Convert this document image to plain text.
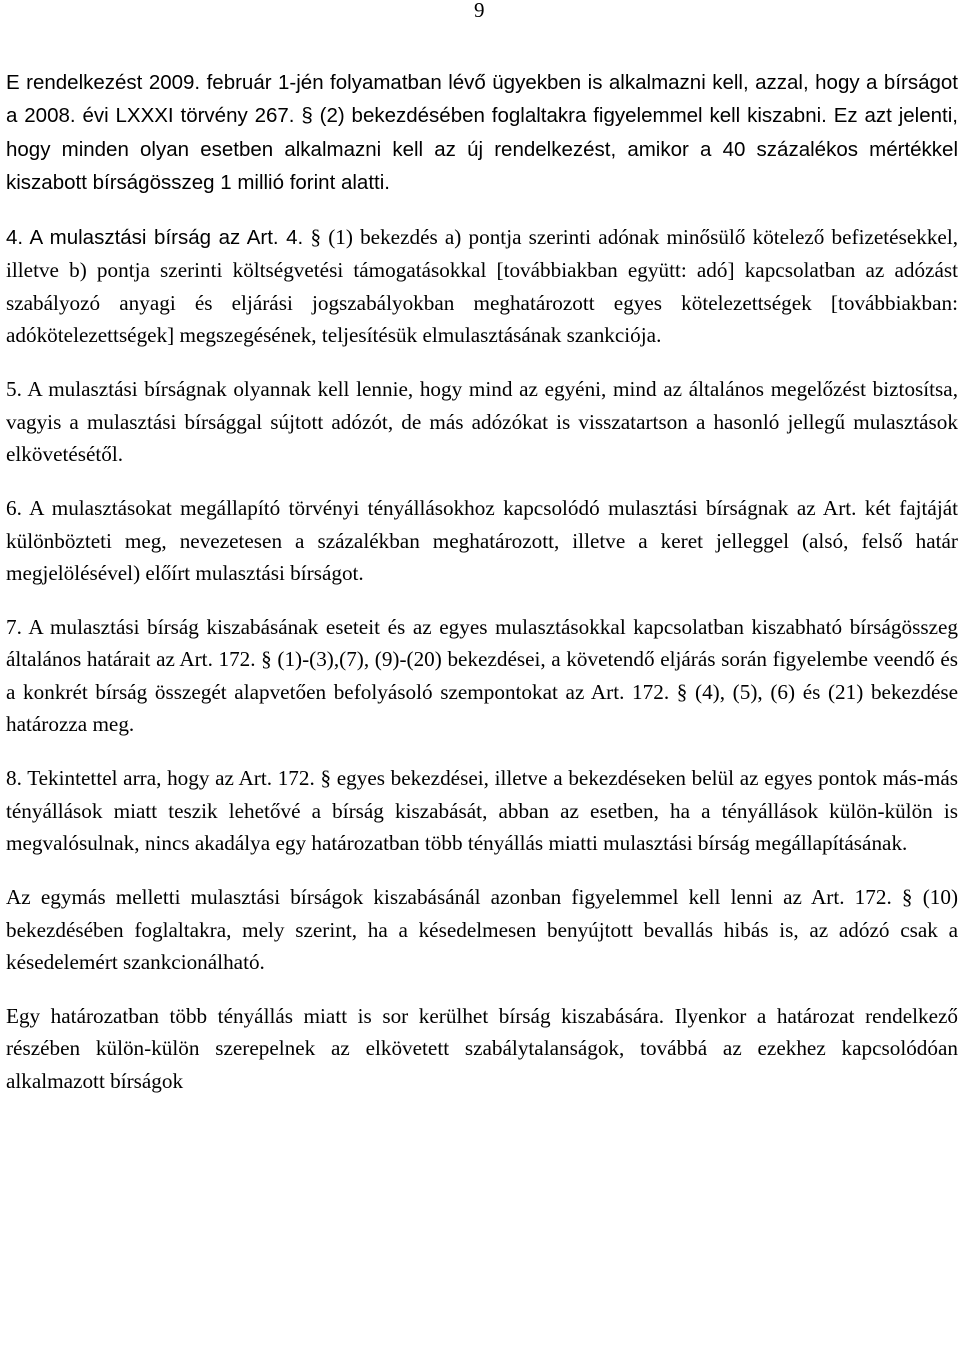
9

E rendelkezést 2009. február 1-jén folyamatban lévő ügyekben is alkalmazni kell, azzal, hogy a bírságot a 2008. évi LXXXI törvény 267. § (2) bekezdésében foglaltakra figyelemmel kell kiszabni. Ez azt jelenti, hogy minden olyan esetben alkalmazni kell az új rendelkezést, amikor a 40 százalékos mértékkel kiszabott bírságösszeg 1 millió forint alatti.

4. A mulasztási bírság az Art. 4. § (1) bekezdés a) pontja szerinti adónak minősülő kötelező befizetésekkel, illetve b) pontja szerinti költségvetési támogatásokkal [továbbiakban együtt: adó] kapcsolatban az adózást szabályozó anyagi és eljárási jogszabályokban meghatározott egyes kötelezettségek [továbbiakban: adókötelezettségek] megszegésének, teljesítésük elmulasztásának szankciója.

5. A mulasztási bírságnak olyannak kell lennie, hogy mind az egyéni, mind az általános megelőzést biztosítsa, vagyis a mulasztási bírsággal sújtott adózót, de más adózókat is visszatartson a hasonló jellegű mulasztások elkövetésétől.

6. A mulasztásokat megállapító törvényi tényállásokhoz kapcsolódó mulasztási bírságnak az Art. két fajtáját különbözteti meg, nevezetesen a százalékban meghatározott, illetve a keret jelleggel (alsó, felső határ megjelölésével) előírt mulasztási bírságot.

7. A mulasztási bírság kiszabásának eseteit és az egyes mulasztásokkal kapcsolatban kiszabható bírságösszeg általános határait az Art. 172. § (1)-(3),(7), (9)-(20) bekezdései, a követendő eljárás során figyelembe veendő és a konkrét bírság összegét alapvetően befolyásoló szempontokat az Art. 172. § (4), (5), (6) és (21) bekezdése határozza meg.

8. Tekintettel arra, hogy az Art. 172. § egyes bekezdései, illetve a bekezdéseken belül az egyes pontok más-más tényállások miatt teszik lehetővé a bírság kiszabását, abban az esetben, ha a tényállások külön-külön is megvalósulnak, nincs akadálya egy határozatban több tényállás miatti mulasztási bírság megállapításának.

Az egymás melletti mulasztási bírságok kiszabásánál azonban figyelemmel kell lenni az Art. 172. § (10) bekezdésében foglaltakra, mely szerint, ha a késedelmesen benyújtott bevallás hibás is, az adózó csak a késedelemért szankcionálható.

Egy határozatban több tényállás miatt is sor kerülhet bírság kiszabására. Ilyenkor a határozat rendelkező részében külön-külön szerepelnek az elkövetett szabálytalanságok, továbbá az ezekhez kapcsolódóan alkalmazott bírságok
